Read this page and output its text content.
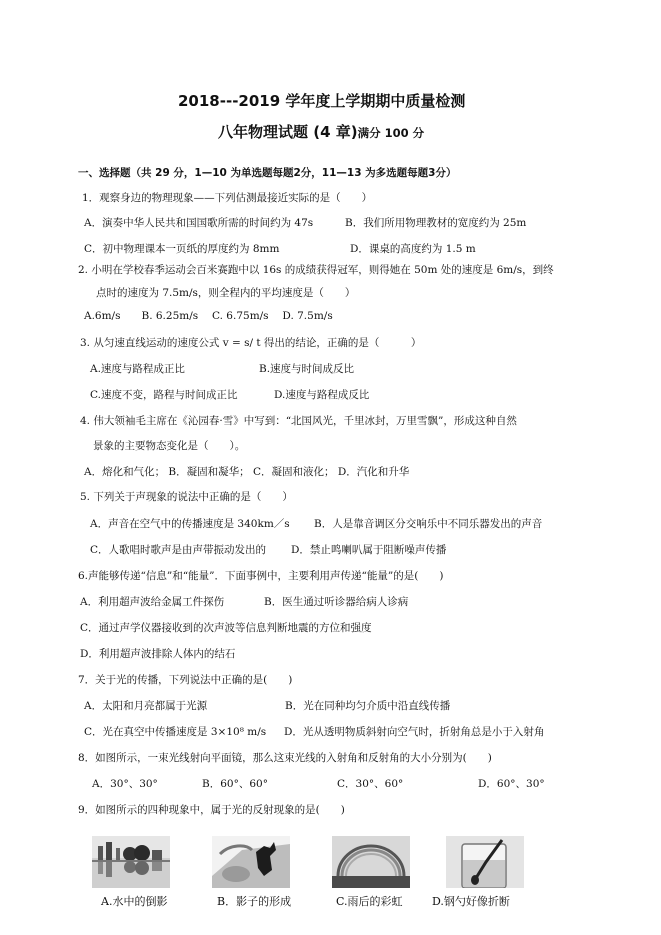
2018---2019 学年度上学期期中质量检测
八年物理试题 (4 章)满分 100 分
一、选择题（共 29 分，1—10 为单选题每题2分，11—13 为多选题每题3分）
1．观察身边的物理现象——下列估测最接近实际的是（　　）
A．演奏中华人民共和国国歌所需的时间约为 47s	B．我们所用物理教材的宽度约为 25m
C．初中物理课本一页纸的厚度约为 8mm	D．课桌的高度约为 1.5 m
2. 小明在学校春季运动会百米赛跑中以 16s 的成绩获得冠军，则得她在 50m 处的速度是 6m/s，到终
点时的速度为 7.5m/s，则全程内的平均速度是（　　）
A.6m/s　　B. 6.25m/s　 C. 6.75m/s　 D. 7.5m/s
3. 从匀速直线运动的速度公式 v = s/ t 得出的结论，正确的是（　　　）
A.速度与路程成正比	B.速度与时间成反比
C.速度不变，路程与时间成正比	D.速度与路程成反比
4. 伟大领袖毛主席在《沁园春·雪》中写到：“北国风光，千里冰封，万里雪飘”，形成这种自然
景象的主要物态变化是（　　）。
A．熔化和气化； B．凝固和凝华； C．凝固和液化； D．汽化和升华
5. 下列关于声现象的说法中正确的是（　　）
A．声音在空气中的传播速度是 340km／s B．人是靠音调区分交响乐中不同乐器发出的声音
C．人歌唱时歌声是由声带振动发出的 D．禁止鸣喇叭属于阻断噪声传播
6.声能够传递“信息”和“能量”．下面事例中，主要利用声传递“能量”的是(　　)
A．利用超声波给金属工件探伤	B．医生通过听诊器给病人诊病
C．通过声学仪器接收到的次声波等信息判断地震的方位和强度
D．利用超声波排除人体内的结石
7．关于光的传播，下列说法中正确的是(　　)
A．太阳和月亮都属于光源	B．光在同种均匀介质中沿直线传播
C．光在真空中传播速度是 3×10⁸ m/s D．光从透明物质斜射向空气时，折射角总是小于入射角
8．如图所示，一束光线射向平面镜，那么这束光线的入射角和反射角的大小分别为(　　)
A．30°、30°	B．60°、60°	C．30°、60°	D．60°、30°
9．如图所示的四种现象中，属于光的反射现象的是(　　)
A.水中的倒影	B．影子的形成	C.雨后的彩虹	D.钢勺好像折断
